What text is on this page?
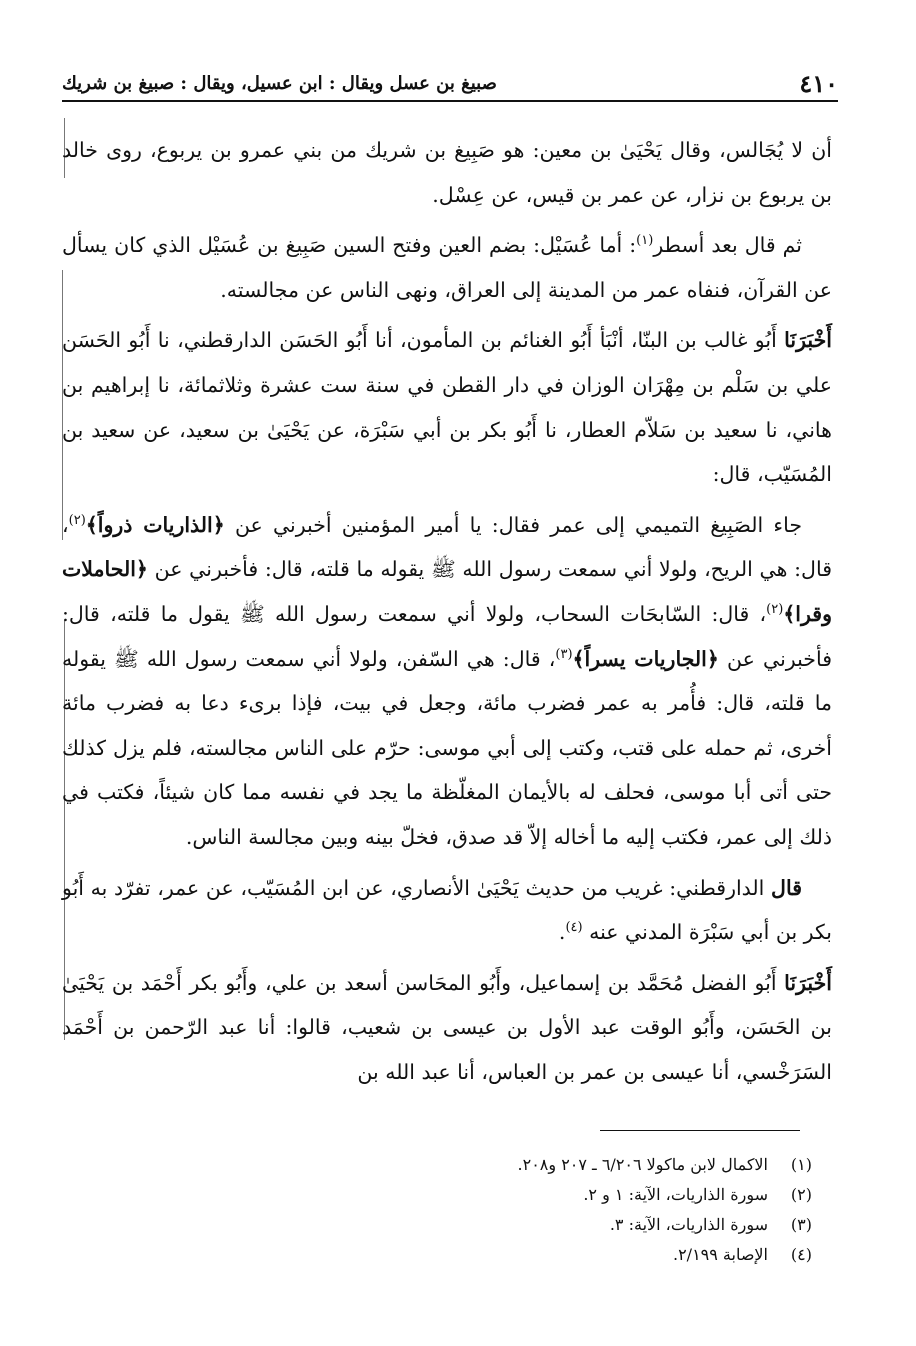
٤١٠
صبيغ بن عسل ويقال : ابن عسيل، ويقال : صبيغ بن شريك

أن لا يُجَالس، وقال يَحْيَىٰ بن معين: هو صَبِيغ بن شريك من بني عمرو بن يربوع، روى خالد بن يربوع بن نزار، عن عمر بن قيس، عن عِسْل.

ثم قال بعد أسطر$^{(١)}$: أما عُسَيْل: بضم العين وفتح السين صَبِيغ بن عُسَيْل الذي كان يسأل عن القرآن، فنفاه عمر من المدينة إلى العراق، ونهى الناس عن مجالسته.

أَخْبَرَنَا أَبُو غالب بن البنّا، أنْبَأ أَبُو الغنائم بن المأمون، أنا أَبُو الحَسَن الدارقطني، نا أَبُو الحَسَن علي بن سَلْم بن مِهْرَان الوزان في دار القطن في سنة ست عشرة وثلاثمائة، نا إبراهيم بن هاني، نا سعيد بن سَلاّم العطار، نا أَبُو بكر بن أبي سَبْرَة، عن يَحْيَىٰ بن سعيد، عن سعيد بن المُسَيّب، قال:

جاء الصَبِيغ التميمي إلى عمر فقال: يا أمير المؤمنين أخبرني عن ﴿الذاريات ذرواً﴾$^{(٢)}$، قال: هي الريح، ولولا أني سمعت رسول الله ﷺ يقوله ما قلته، قال: فأخبرني عن ﴿الحاملات وقرا﴾$^{(٢)}$، قال: السّابحَات السحاب، ولولا أني سمعت رسول الله ﷺ يقول ما قلته، قال: فأخبرني عن ﴿الجاريات يسراً﴾$^{(٣)}$، قال: هي السّفن، ولولا أني سمعت رسول الله ﷺ يقوله ما قلته، قال: فأُمر به عمر فضرب مائة، وجعل في بيت، فإذا برىء دعا به فضرب مائة أخرى، ثم حمله على قتب، وكتب إلى أبي موسى: حرّم على الناس مجالسته، فلم يزل كذلك حتى أتى أبا موسى، فحلف له بالأيمان المغلّظة ما يجد في نفسه مما كان شيئاً، فكتب في ذلك إلى عمر، فكتب إليه ما أخاله إلاّ قد صدق، فخلّ بينه وبين مجالسة الناس.

قال الدارقطني: غريب من حديث يَحْيَىٰ الأنصاري، عن ابن المُسَيّب، عن عمر، تفرّد به أَبُو بكر بن أبي سَبْرَة المدني عنه $^{(٤)}$.

أَخْبَرَنَا أَبُو الفضل مُحَمَّد بن إسماعيل، وأَبُو المحَاسن أسعد بن علي، وأَبُو بكر أَحْمَد بن يَحْيَىٰ بن الحَسَن، وأَبُو الوقت عبد الأول بن عيسى بن شعيب، قالوا: أنا عبد الرّحمن بن أَحْمَد السَرَخْسي، أنا عيسى بن عمر بن العباس، أنا عبد الله بن

(١)
الاكمال لابن ماكولا ٦/٢٠٦ ـ ٢٠٧ و٢٠٨.
(٢)
سورة الذاريات، الآية: ١ و ٢.
(٣)
سورة الذاريات، الآية: ٣.
(٤)
الإصابة ٢/١٩٩.
